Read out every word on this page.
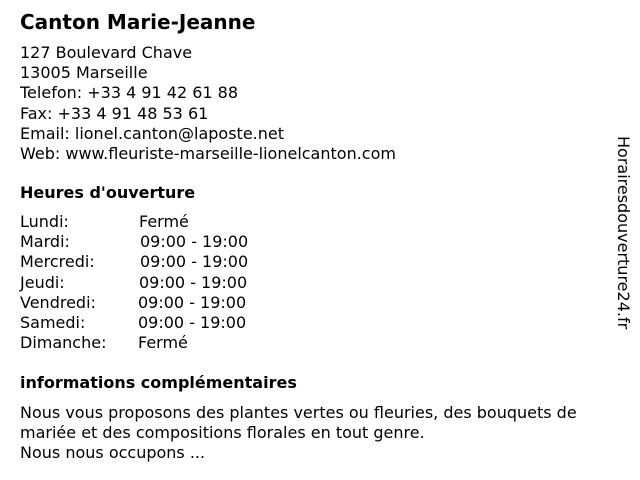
Canton Marie-Jeanne
127 Boulevard Chave
13005 Marseille
Telefon: +33 4 91 42 61 88
Fax: +33 4 91 48 53 61
Email: lionel.canton@laposte.net
Web: www.fleuriste-marseille-lionelcanton.com
Heures d'ouverture
Lundi:	Fermé
Mardi:	09:00 - 19:00
Mercredi:	09:00 - 19:00
Jeudi:	09:00 - 19:00
Vendredi:	09:00 - 19:00
Samedi:	09:00 - 19:00
Dimanche: Fermé
informations complémentaires

Nous vous proposons des plantes vertes ou fleuries, des bouquets de mariée et des compositions florales en tout genre.

Nous nous occupons ...

Horairesdouverture24.fr
